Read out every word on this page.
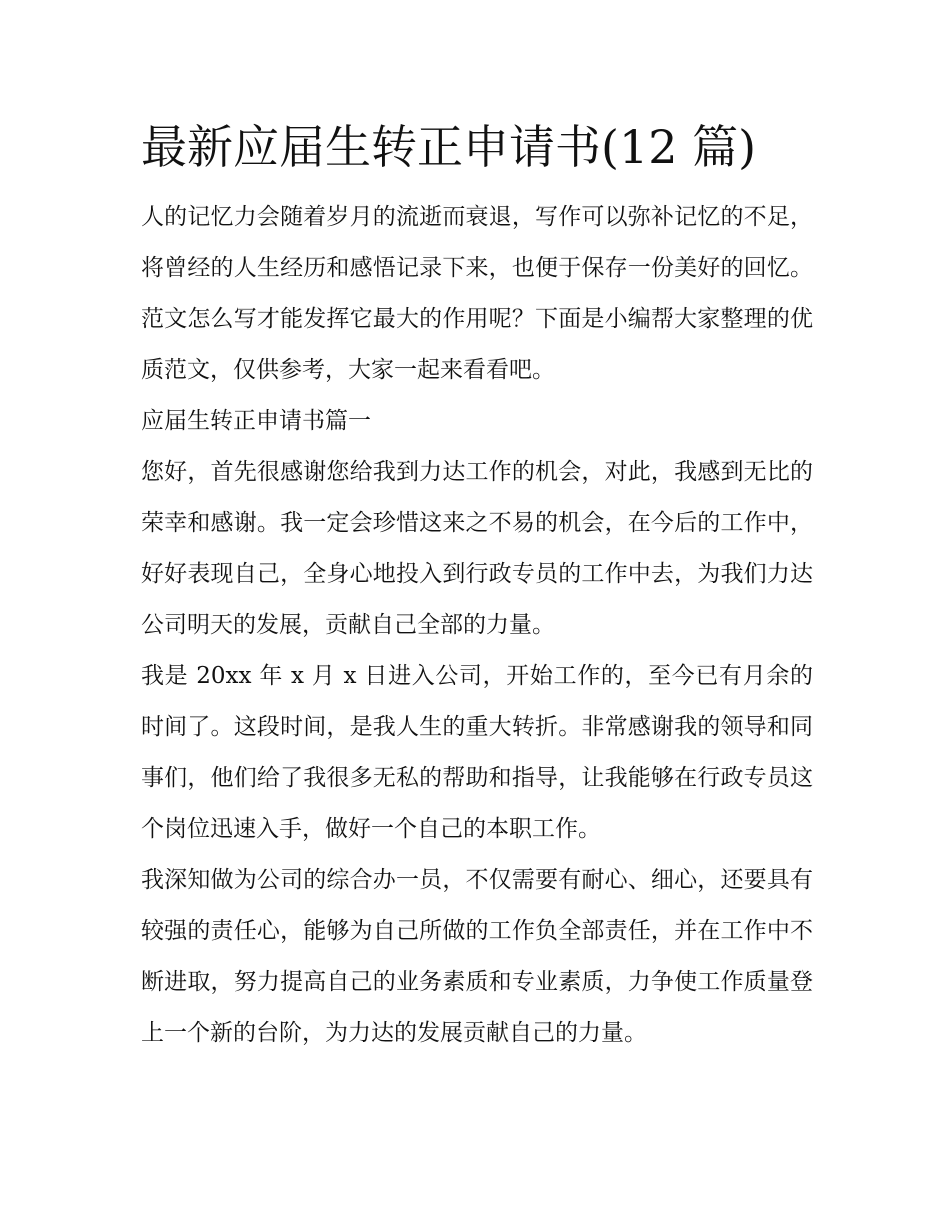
最新应届生转正申请书(12 篇)

人的记忆力会随着岁月的流逝而衰退，写作可以弥补记忆的不足，将曾经的人生经历和感悟记录下来，也便于保存一份美好的回忆。范文怎么写才能发挥它最大的作用呢？下面是小编帮大家整理的优质范文，仅供参考，大家一起来看看吧。

应届生转正申请书篇一

您好，首先很感谢您给我到力达工作的机会，对此，我感到无比的荣幸和感谢。我一定会珍惜这来之不易的机会，在今后的工作中，好好表现自己，全身心地投入到行政专员的工作中去，为我们力达公司明天的发展，贡献自己全部的力量。

我是 20xx 年 x 月 x 日进入公司，开始工作的，至今已有月余的时间了。这段时间，是我人生的重大转折。非常感谢我的领导和同事们，他们给了我很多无私的帮助和指导，让我能够在行政专员这个岗位迅速入手，做好一个自己的本职工作。

我深知做为公司的综合办一员，不仅需要有耐心、细心，还要具有较强的责任心，能够为自己所做的工作负全部责任，并在工作中不断进取，努力提高自己的业务素质和专业素质，力争使工作质量登上一个新的台阶，为力达的发展贡献自己的力量。
